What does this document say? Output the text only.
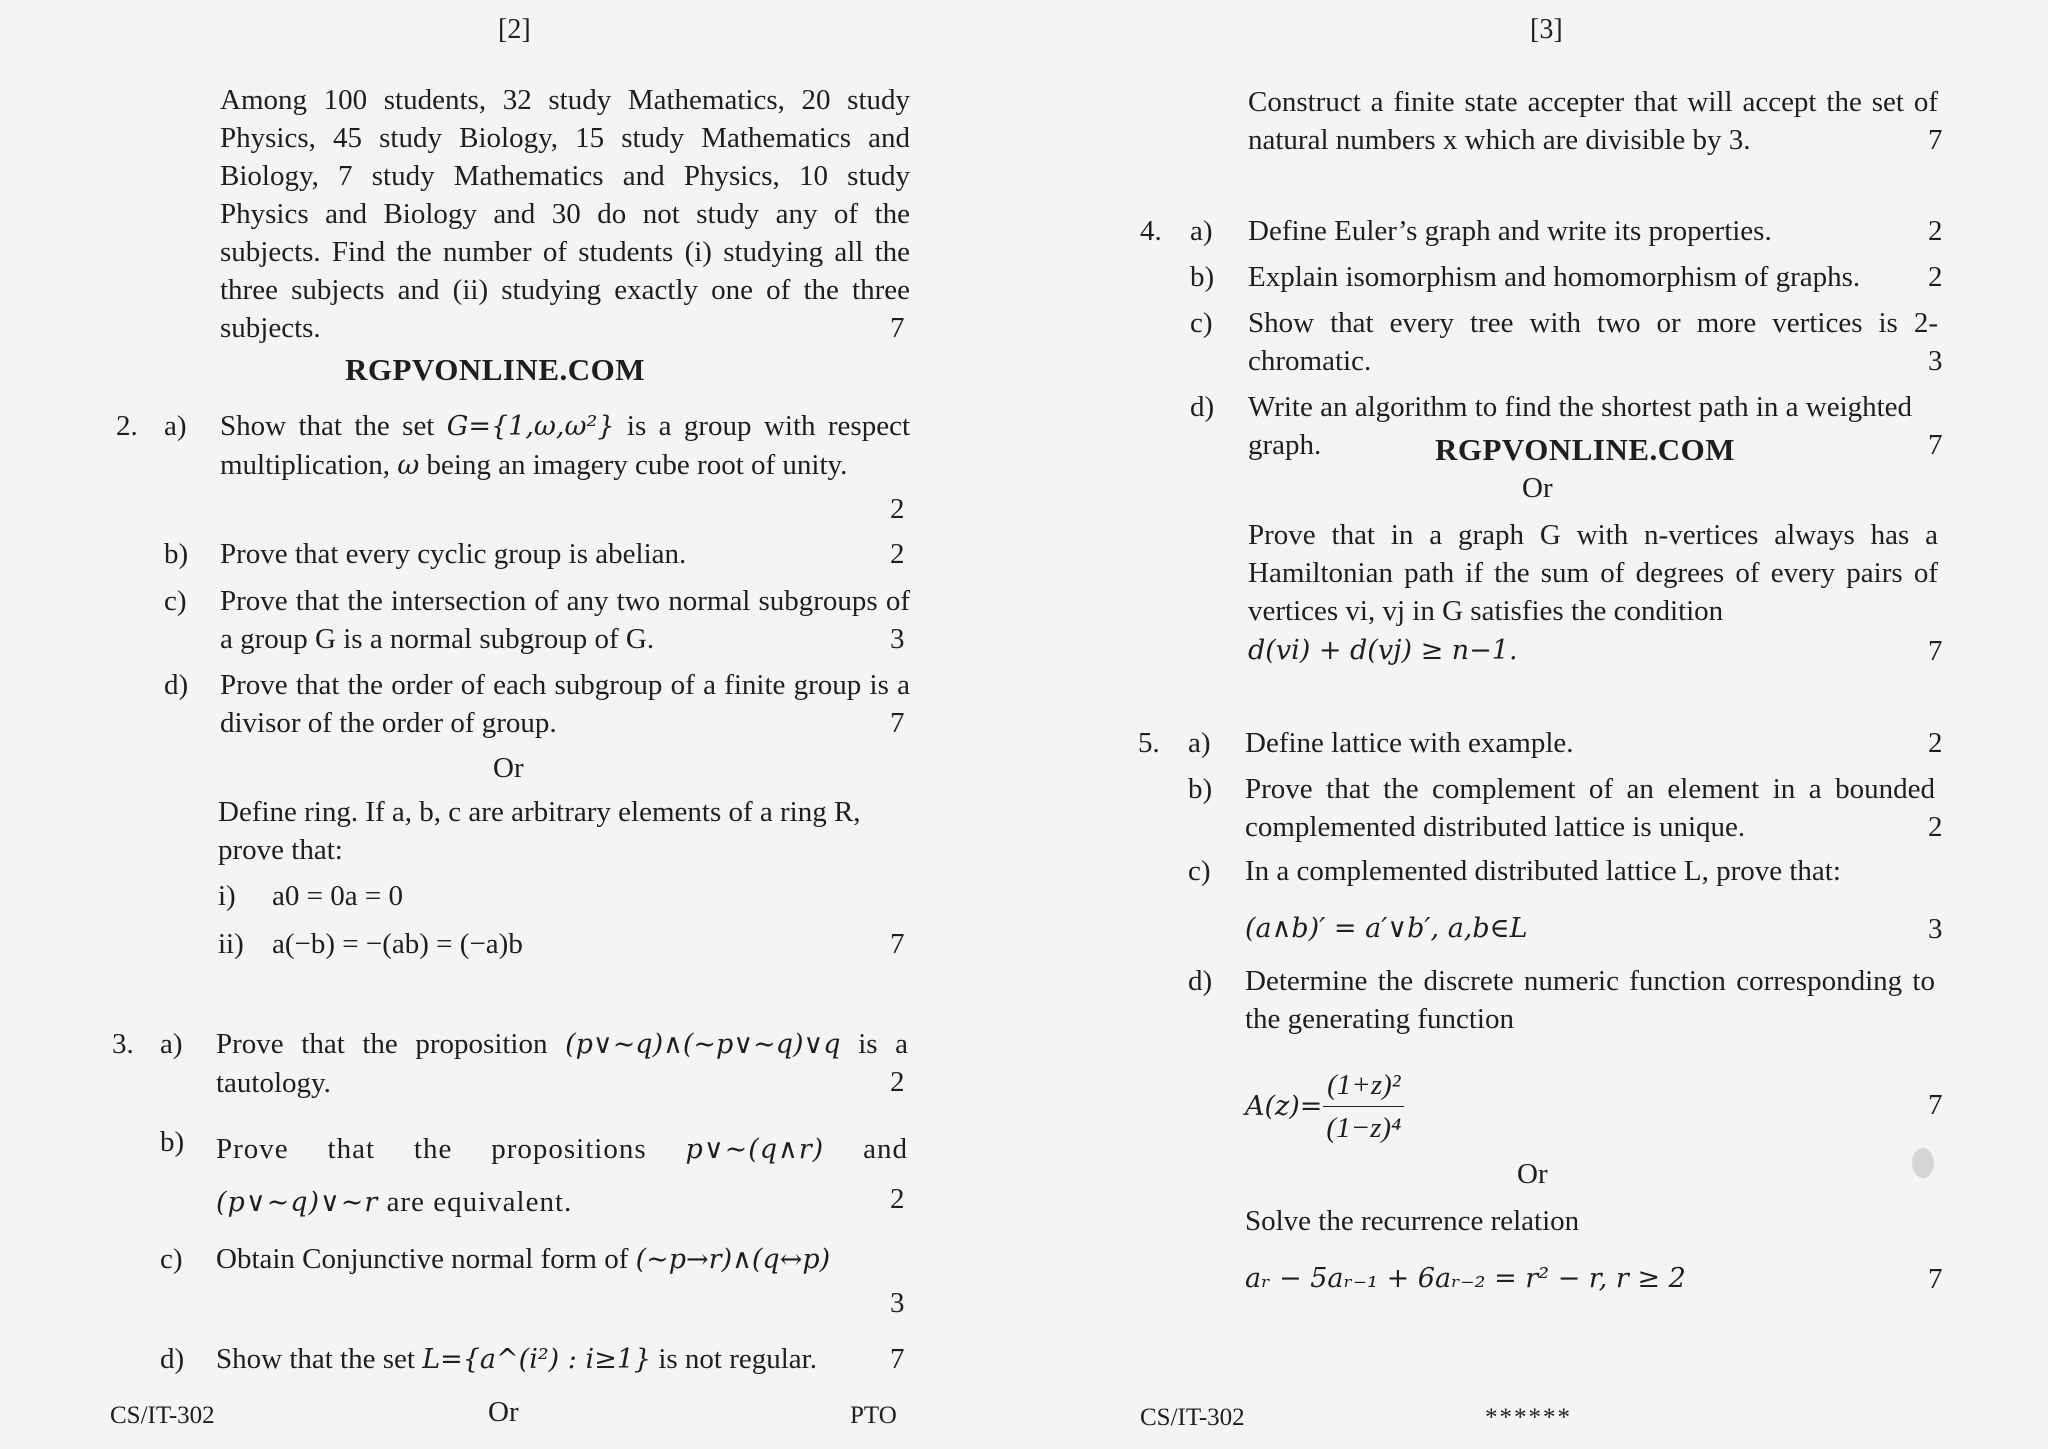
[2]
Among 100 students, 32 study Mathematics, 20 study Physics, 45 study Biology, 15 study Mathematics and Biology, 7 study Mathematics and Physics, 10 study Physics and Biology and 30 do not study any of the subjects. Find the number of students (i) studying all the three subjects and (ii) studying exactly one of the three subjects.	7
RGPVONLINE.COM
2. a) Show that the set G={1,ω,ω²} is a group with respect multiplication, ω being an imagery cube root of unity.
2
b) Prove that every cyclic group is abelian.	2
c) Prove that the intersection of any two normal subgroups of a group G is a normal subgroup of G.	3
d) Prove that the order of each subgroup of a finite group is a divisor of the order of group.	7
Or
Define ring. If a, b, c are arbitrary elements of a ring R, prove that:
i) a0 = 0a = 0
ii) a(−b) = −(ab) = (−a)b	7
3. a) Prove that the proposition (p∨∼q)∧(∼p∨∼q)∨q is a tautology.	2
b) Prove that the propositions p∨∼(q∧r) and (p∨∼q)∨∼r are equivalent.	2
c) Obtain Conjunctive normal form of (∼p→r)∧(q↔p)
3
d) Show that the set L={a^(i²) : i≥1} is not regular.	7
CS/IT-302	Or	PTO
[3]
Construct a finite state accepter that will accept the set of natural numbers x which are divisible by 3.	7
4. a) Define Euler’s graph and write its properties.	2
b) Explain isomorphism and homomorphism of graphs.	2
c) Show that every tree with two or more vertices is 2-chromatic.	3
d) Write an algorithm to find the shortest path in a weighted
graph.	7
RGPVONLINE.COM
Or
Prove that in a graph G with n-vertices always has a Hamiltonian path if the sum of degrees of every pairs of vertices vi, vj in G satisfies the condition
d(vi) + d(vj) ≥ n−1.	7
5. a) Define lattice with example.	2
b) Prove that the complement of an element in a bounded complemented distributed lattice is unique.	2
c) In a complemented distributed lattice L, prove that:
(a∧b)′ = a′∨b′, a,b∈L	3
d) Determine the discrete numeric function corresponding to the generating function
$A(z)= \frac{\text{(1+z)²}}{\text{(1−z)⁴}}$	7
Or
Solve the recurrence relation
aᵣ − 5aᵣ₋₁ + 6aᵣ₋₂ = r² − r, r ≥ 2	7
CS/IT-302	******
